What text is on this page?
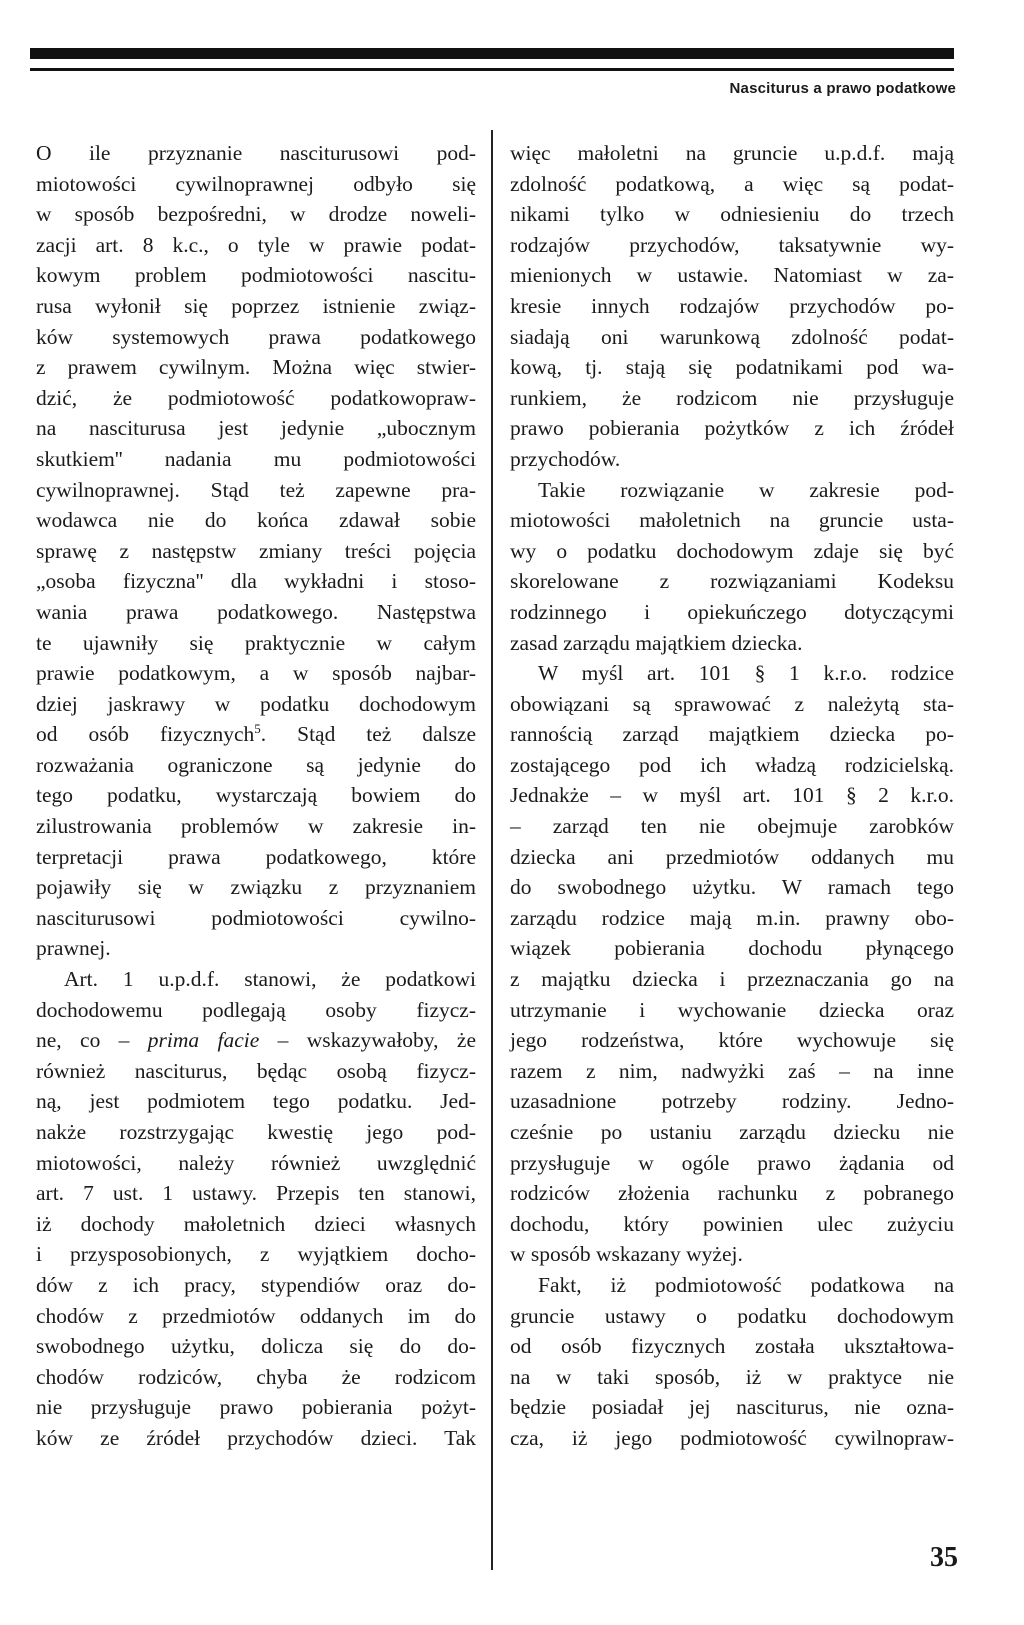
Nasciturus a prawo podatkowe
O ile przyznanie nasciturusowi pod-
miotowości cywilnoprawnej odbyło się
w sposób bezpośredni, w drodze noweli-
zacji art. 8 k.c., o tyle w prawie podat-
kowym problem podmiotowości nascitu-
rusa wyłonił się poprzez istnienie związ-
ków systemowych prawa podatkowego
z prawem cywilnym. Można więc stwier-
dzić, że podmiotowość podatkowopraw-
na nasciturusa jest jedynie „ubocznym
skutkiem'' nadania mu podmiotowości
cywilnoprawnej. Stąd też zapewne pra-
wodawca nie do końca zdawał sobie
sprawę z następstw zmiany treści pojęcia
„osoba fizyczna'' dla wykładni i stoso-
wania prawa podatkowego. Następstwa
te ujawniły się praktycznie w całym
prawie podatkowym, a w sposób najbar-
dziej jaskrawy w podatku dochodowym
od osób fizycznych$^5$. Stąd też dalsze
rozważania ograniczone są jedynie do
tego podatku, wystarczają bowiem do
zilustrowania problemów w zakresie in-
terpretacji prawa podatkowego, które
pojawiły się w związku z przyznaniem
nasciturusowi podmiotowości cywilno-
prawnej.
Art. 1 u.p.d.f. stanowi, że podatkowi
dochodowemu podlegają osoby fizycz-
ne, co – prima facie – wskazywałoby, że
również nasciturus, będąc osobą fizycz-
ną, jest podmiotem tego podatku. Jed-
nakże rozstrzygając kwestię jego pod-
miotowości, należy również uwzględnić
art. 7 ust. 1 ustawy. Przepis ten stanowi,
iż dochody małoletnich dzieci własnych
i przysposobionych, z wyjątkiem docho-
dów z ich pracy, stypendiów oraz do-
chodów z przedmiotów oddanych im do
swobodnego użytku, dolicza się do do-
chodów rodziców, chyba że rodzicom
nie przysługuje prawo pobierania pożyt-
ków ze źródeł przychodów dzieci. Tak
więc małoletni na gruncie u.p.d.f. mają
zdolność podatkową, a więc są podat-
nikami tylko w odniesieniu do trzech
rodzajów przychodów, taksatywnie wy-
mienionych w ustawie. Natomiast w za-
kresie innych rodzajów przychodów po-
siadają oni warunkową zdolność podat-
kową, tj. stają się podatnikami pod wa-
runkiem, że rodzicom nie przysługuje
prawo pobierania pożytków z ich źródeł
przychodów.
Takie rozwiązanie w zakresie pod-
miotowości małoletnich na gruncie usta-
wy o podatku dochodowym zdaje się być
skorelowane z rozwiązaniami Kodeksu
rodzinnego i opiekuńczego dotyczącymi
zasad zarządu majątkiem dziecka.
W myśl art. 101 § 1 k.r.o. rodzice
obowiązani są sprawować z należytą sta-
rannością zarząd majątkiem dziecka po-
zostającego pod ich władzą rodzicielską.
Jednakże – w myśl art. 101 § 2 k.r.o.
– zarząd ten nie obejmuje zarobków
dziecka ani przedmiotów oddanych mu
do swobodnego użytku. W ramach tego
zarządu rodzice mają m.in. prawny obo-
wiązek pobierania dochodu płynącego
z majątku dziecka i przeznaczania go na
utrzymanie i wychowanie dziecka oraz
jego rodzeństwa, które wychowuje się
razem z nim, nadwyżki zaś – na inne
uzasadnione potrzeby rodziny. Jedno-
cześnie po ustaniu zarządu dziecku nie
przysługuje w ogóle prawo żądania od
rodziców złożenia rachunku z pobranego
dochodu, który powinien ulec zużyciu
w sposób wskazany wyżej.
Fakt, iż podmiotowość podatkowa na
gruncie ustawy o podatku dochodowym
od osób fizycznych została ukształtowa-
na w taki sposób, iż w praktyce nie
będzie posiadał jej nasciturus, nie ozna-
cza, iż jego podmiotowość cywilnopraw-
35
